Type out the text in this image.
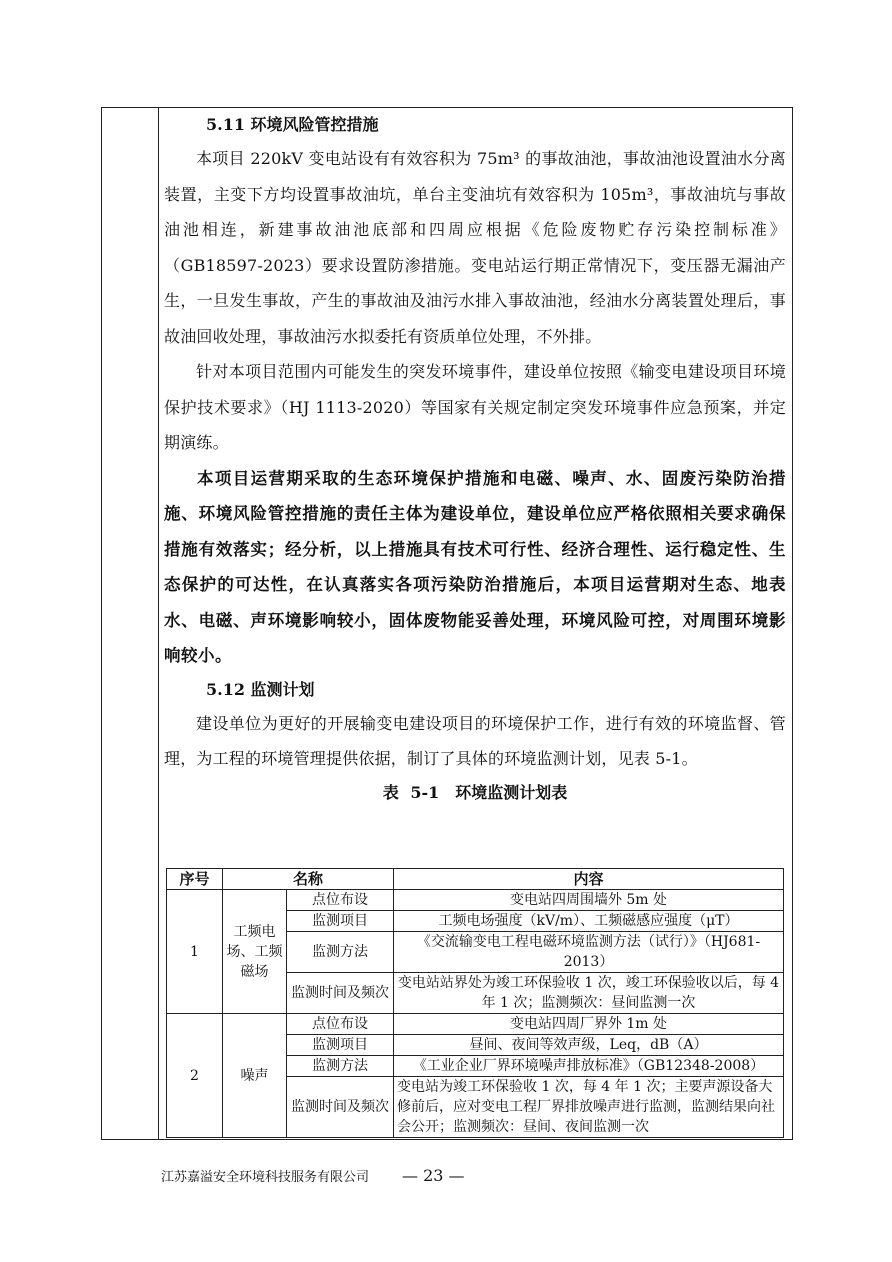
5.11 环境风险管控措施

本项目 220kV 变电站设有有效容积为 75m³ 的事故油池，事故油池设置油水分离装置，主变下方均设置事故油坑，单台主变油坑有效容积为 105m³，事故油坑与事故油池相连，新建事故油池底部和四周应根据《危险废物贮存污染控制标准》（GB18597-2023）要求设置防渗措施。变电站运行期正常情况下，变压器无漏油产生，一旦发生事故，产生的事故油及油污水排入事故油池，经油水分离装置处理后，事故油回收处理，事故油污水拟委托有资质单位处理，不外排。

针对本项目范围内可能发生的突发环境事件，建设单位按照《输变电建设项目环境保护技术要求》（HJ 1113-2020）等国家有关规定制定突发环境事件应急预案，并定期演练。

本项目运营期采取的生态环境保护措施和电磁、噪声、水、固废污染防治措施、环境风险管控措施的责任主体为建设单位，建设单位应严格依照相关要求确保措施有效落实；经分析，以上措施具有技术可行性、经济合理性、运行稳定性、生态保护的可达性，在认真落实各项污染防治措施后，本项目运营期对生态、地表水、电磁、声环境影响较小，固体废物能妥善处理，环境风险可控，对周围环境影响较小。

5.12 监测计划

建设单位为更好的开展输变电建设项目的环境保护工作，进行有效的环境监督、管理，为工程的环境管理提供依据，制订了具体的环境监测计划，见表 5-1。

表 5-1　环境监测计划表

序号	名称		内容
1	工频电场、工频磁场	点位布设	变电站四周围墙外 5m 处
		监测项目	工频电场强度（kV/m）、工频磁感应强度（μT）
		监测方法	《交流输变电工程电磁环境监测方法（试行）》（HJ681-2013）
		监测时间及频次	变电站站界处为竣工环保验收 1 次，竣工环保验收以后，每 4 年 1 次；监测频次：昼间监测一次
2	噪声	点位布设	变电站四周厂界外 1m 处
		监测项目	昼间、夜间等效声级，Leq，dB（A）
		监测方法	《工业企业厂界环境噪声排放标准》（GB12348-2008）
		监测时间及频次	变电站为竣工环保验收 1 次，每 4 年 1 次；主要声源设备大修前后，应对变电工程厂界排放噪声进行监测，监测结果向社会公开；监测频次：昼间、夜间监测一次
江苏嘉溢安全环境科技服务有限公司 — 23 —
